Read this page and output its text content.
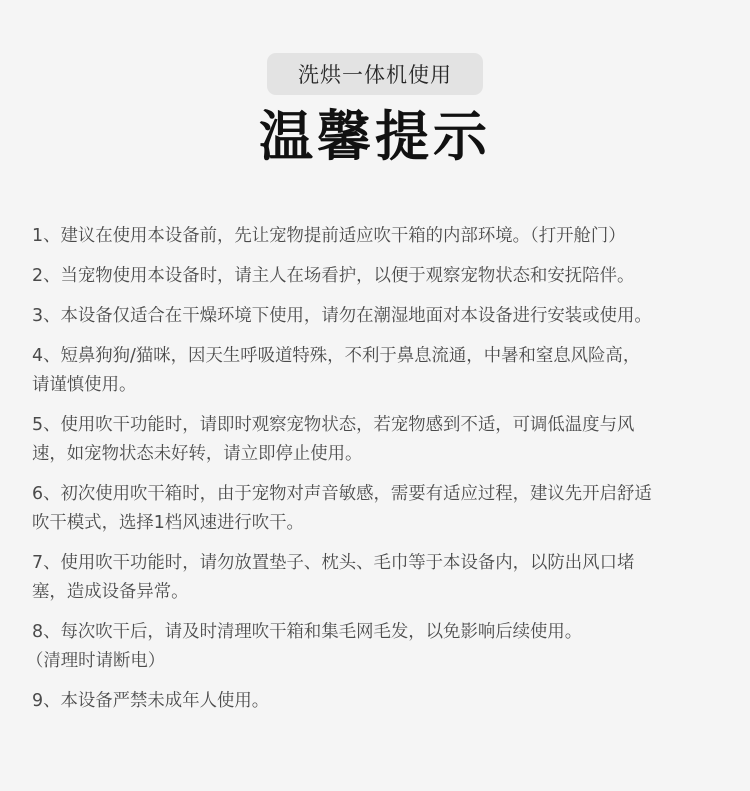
洗烘一体机使用
温馨提示
1、建议在使用本设备前，先让宠物提前适应吹干箱的内部环境。（打开舱门）
2、当宠物使用本设备时，请主人在场看护，以便于观察宠物状态和安抚陪伴。
3、本设备仅适合在干燥环境下使用，请勿在潮湿地面对本设备进行安装或使用。
4、短鼻狗狗/猫咪，因天生呼吸道特殊，不利于鼻息流通，中暑和窒息风险高，
请谨慎使用。
5、使用吹干功能时，请即时观察宠物状态，若宠物感到不适，可调低温度与风
速，如宠物状态未好转，请立即停止使用。
6、初次使用吹干箱时，由于宠物对声音敏感，需要有适应过程，建议先开启舒适
吹干模式，选择1档风速进行吹干。
7、使用吹干功能时，请勿放置垫子、枕头、毛巾等于本设备内，以防出风口堵
塞，造成设备异常。
8、每次吹干后，请及时清理吹干箱和集毛网毛发，以免影响后续使用。
（清理时请断电）
9、本设备严禁未成年人使用。
